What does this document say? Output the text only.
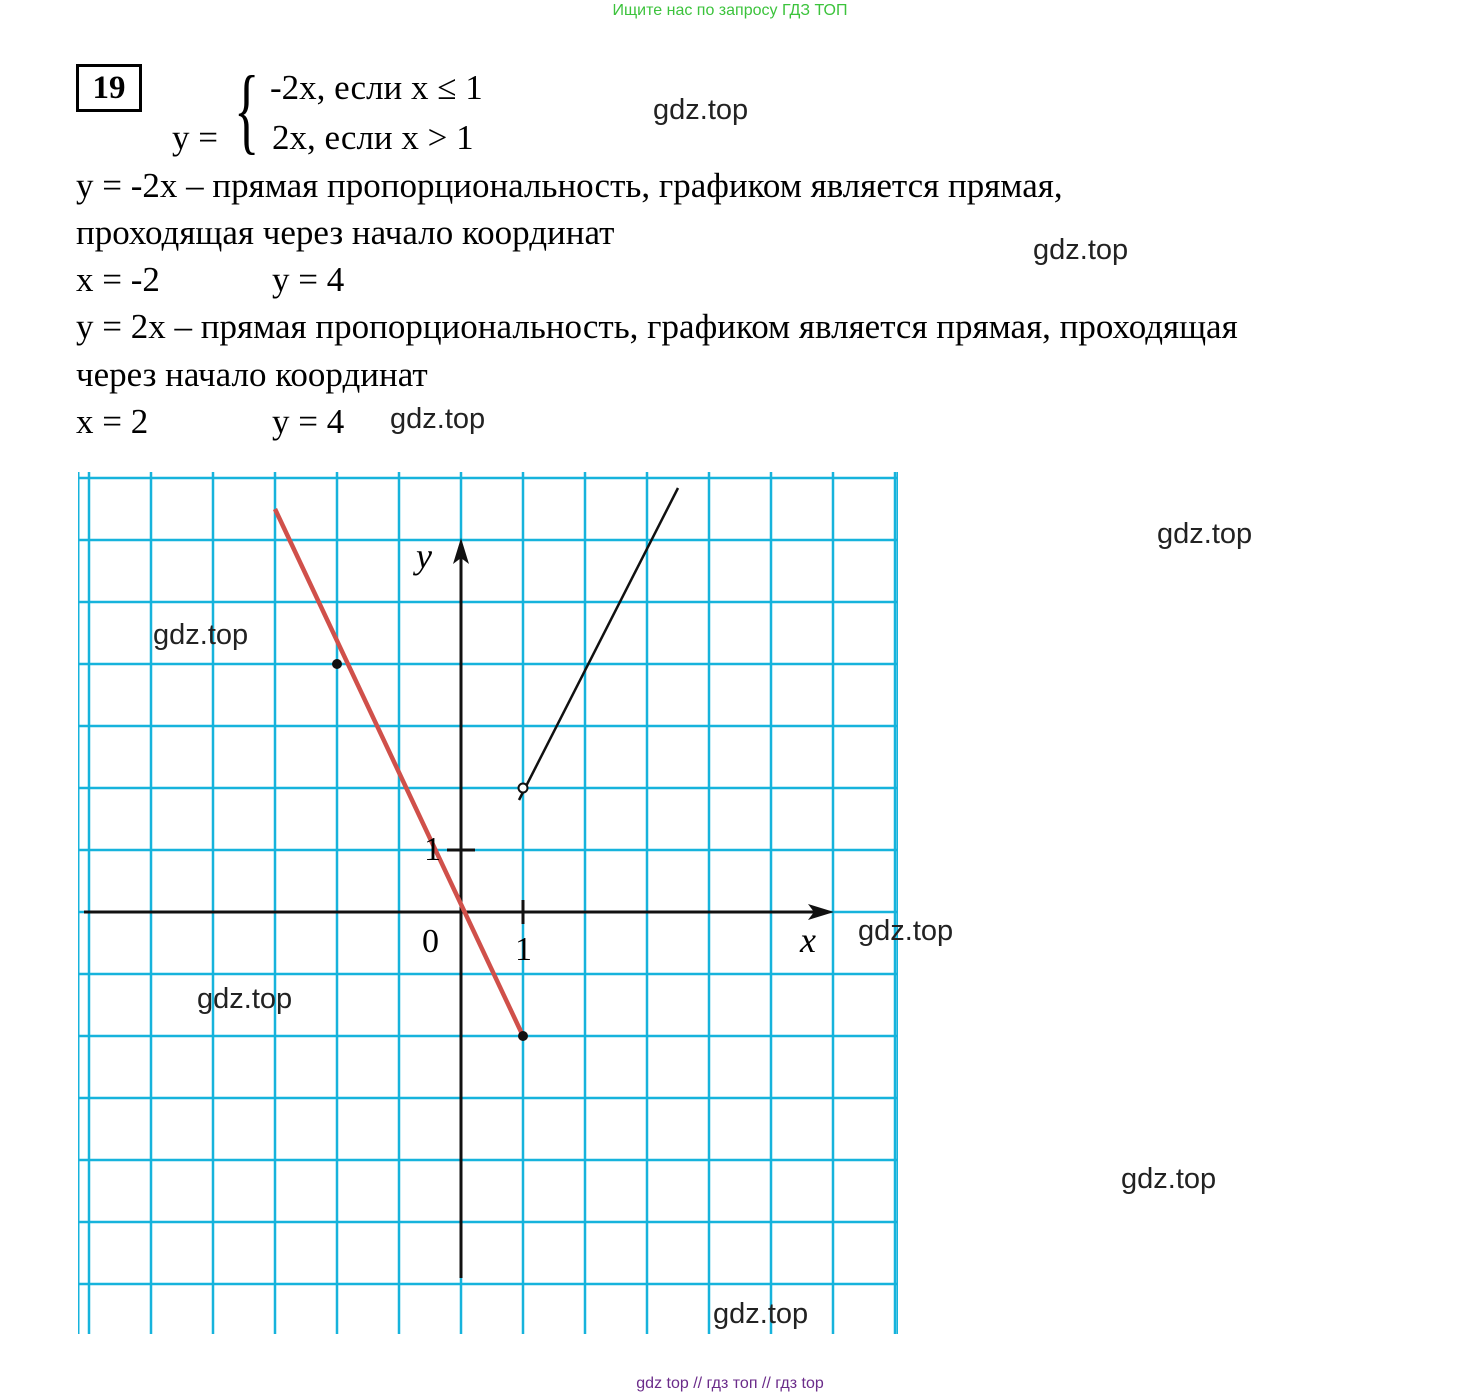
Ищите нас по запросу ГДЗ ТОП
19 { -2x, если x ≤ 1
2x, если x > 1
y =
y = -2x – прямая пропорциональность, графиком является прямая,
проходящая через начало координат
x = -2	y = 4
y = 2x – прямая пропорциональность, графиком является прямая, проходящая
через начало координат
x = 2	y = 4
y
x
0 1
1
gdz.top
gdz.top
gdz.top
gdz.top
gdz.top
gdz.top
gdz.top
gdz.top
gdz.top
gdz top // гдз топ // гдз top
